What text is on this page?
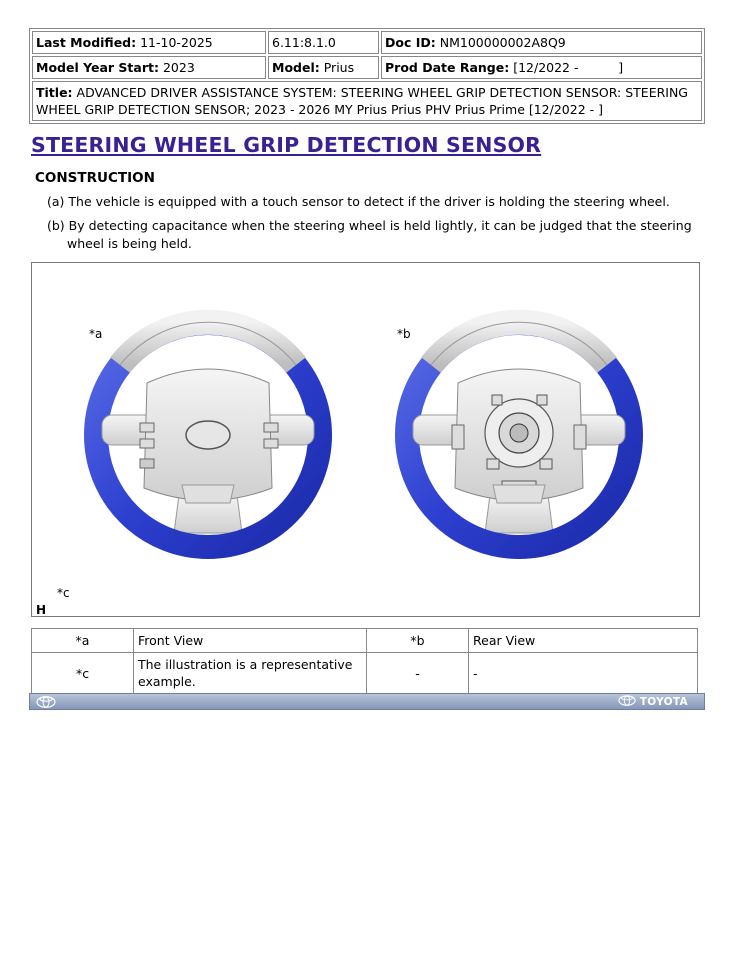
Last Modified: 11-10-2025	6.11:8.1.0	Doc ID: NM100000002A8Q9
Model Year Start: 2023	Model: Prius	Prod Date Range: [12/2022 -          ]
Title: ADVANCED DRIVER ASSISTANCE SYSTEM: STEERING WHEEL GRIP DETECTION SENSOR: STEERING WHEEL GRIP DETECTION SENSOR; 2023 - 2026 MY Prius Prius PHV Prius Prime [12/2022 - ]		
STEERING WHEEL GRIP DETECTION SENSOR
CONSTRUCTION
(a) The vehicle is equipped with a touch sensor to detect if the driver is holding the steering wheel.
(b) By detecting capacitance when the steering wheel is held lightly, it can be judged that the steering wheel is being held.
*a	*b
*c
H
*a	Front View	*b	Rear View
*c	The illustration is a representative example.	-	-
TOYOTA
